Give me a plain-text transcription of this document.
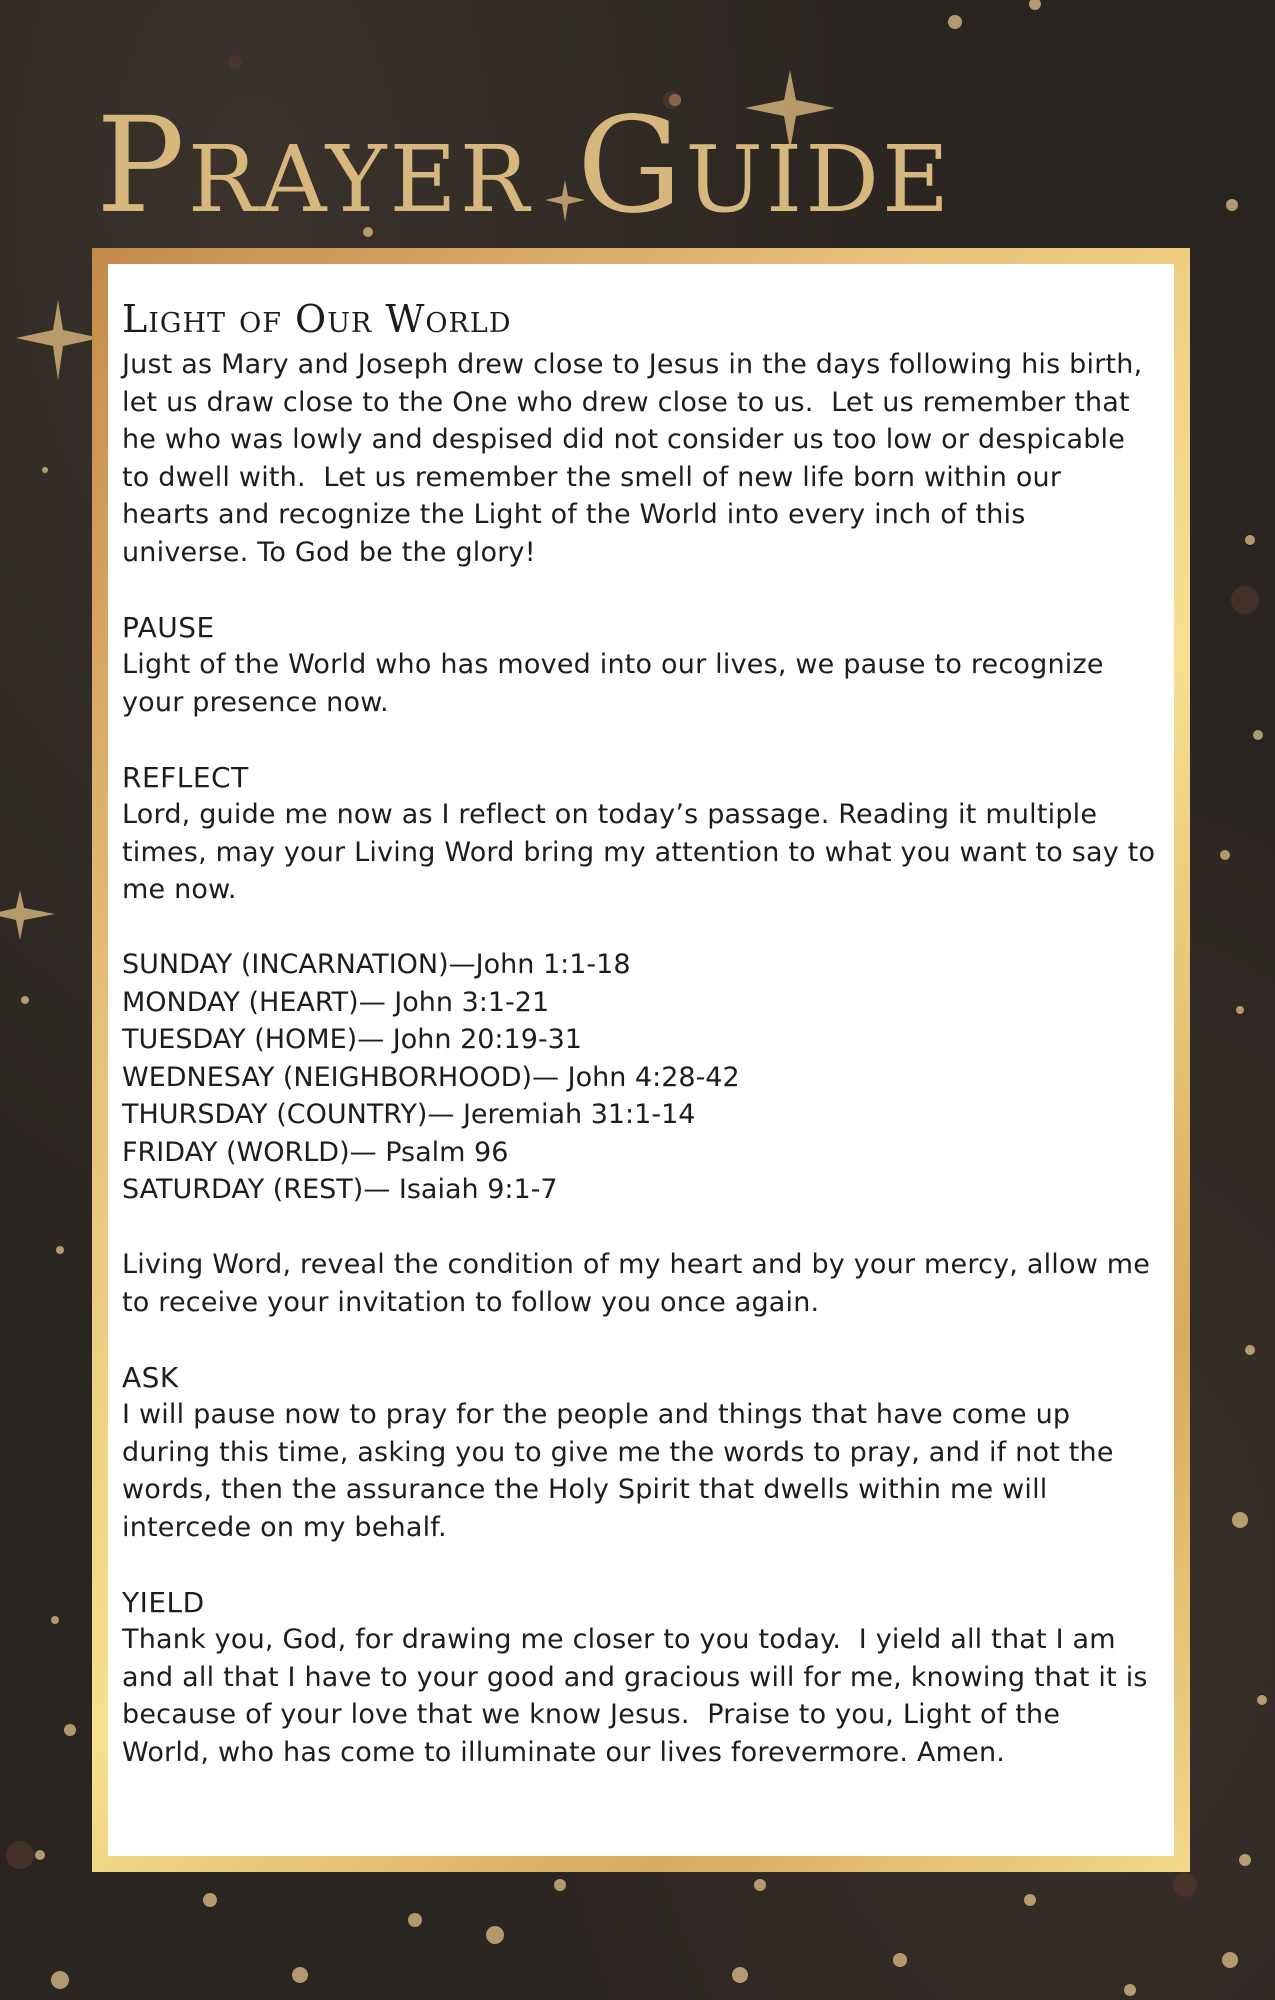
Prayer Guide
Light of Our World

Just as Mary and Joseph drew close to Jesus in the days following his birth, let us draw close to the One who drew close to us.  Let us remember that he who was lowly and despised did not consider us too low or despicable to dwell with.  Let us remember the smell of new life born within our hearts and recognize the Light of the World into every inch of this universe. To God be the glory!

PAUSE

Light of the World who has moved into our lives, we pause to recognize your presence now.

REFLECT

Lord, guide me now as I reflect on today’s passage. Reading it multiple times, may your Living Word bring my attention to what you want to say to me now.

SUNDAY (INCARNATION)—John 1:1-18
MONDAY (HEART)— John 3:1-21
TUESDAY (HOME)— John 20:19-31
WEDNESAY (NEIGHBORHOOD)— John 4:28-42
THURSDAY (COUNTRY)— Jeremiah 31:1-14
FRIDAY (WORLD)— Psalm 96
SATURDAY (REST)— Isaiah 9:1-7

Living Word, reveal the condition of my heart and by your mercy, allow me to receive your invitation to follow you once again.

ASK

I will pause now to pray for the people and things that have come up during this time, asking you to give me the words to pray, and if not the words, then the assurance the Holy Spirit that dwells within me will intercede on my behalf.

YIELD

Thank you, God, for drawing me closer to you today.  I yield all that I am and all that I have to your good and gracious will for me, knowing that it is because of your love that we know Jesus.  Praise to you, Light of the World, who has come to illuminate our lives forevermore. Amen.
